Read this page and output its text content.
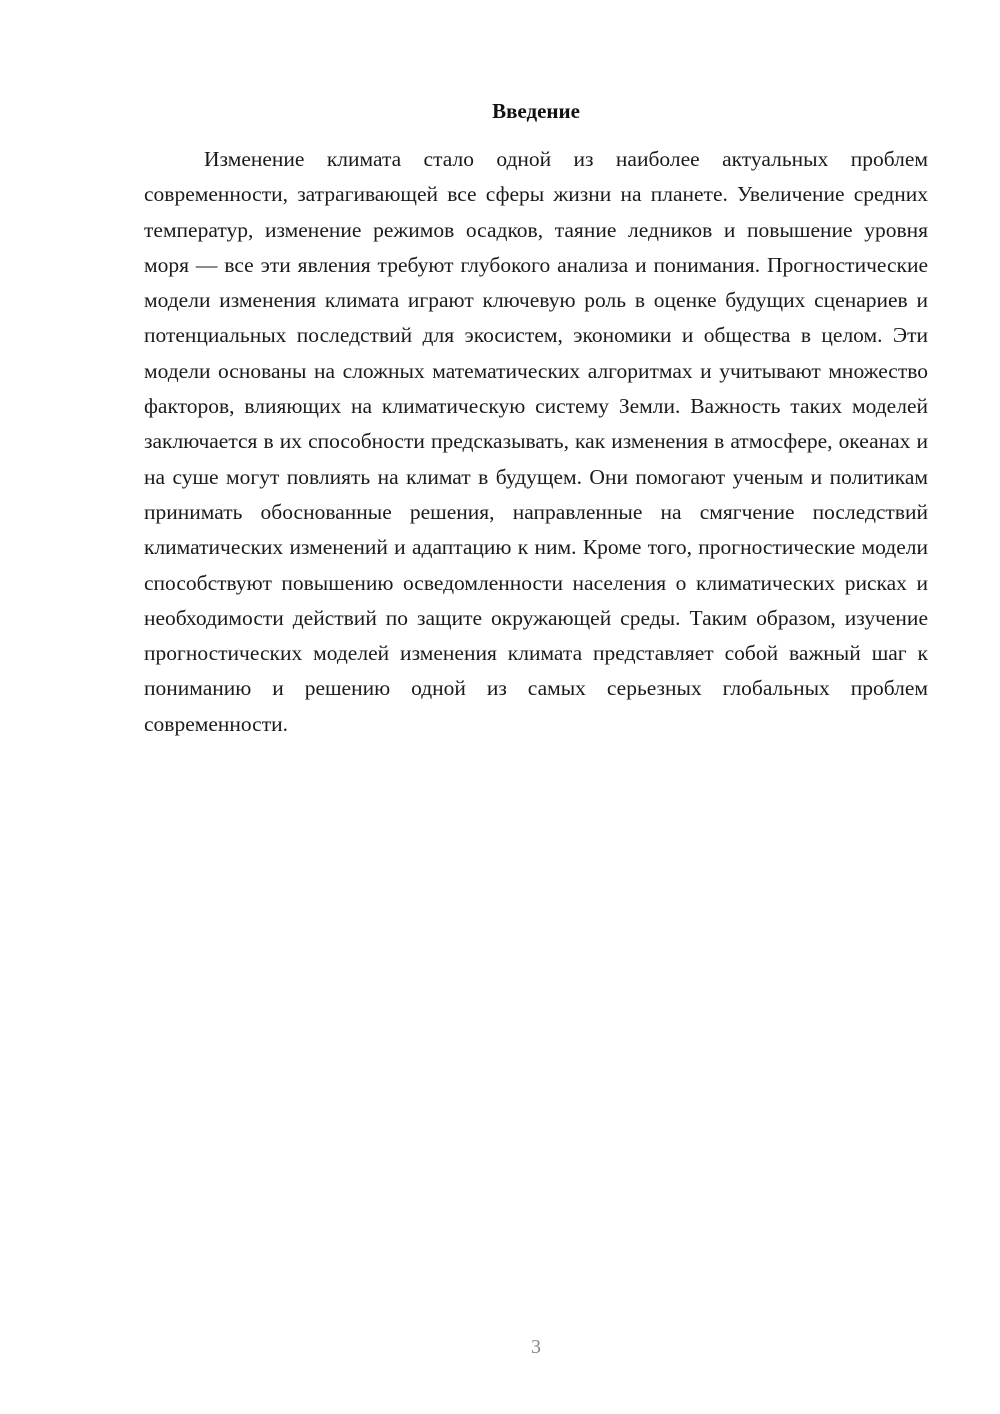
Введение

Изменение климата стало одной из наиболее актуальных проблем современности, затрагивающей все сферы жизни на планете. Увеличение средних температур, изменение режимов осадков, таяние ледников и повышение уровня моря — все эти явления требуют глубокого анализа и понимания. Прогностические модели изменения климата играют ключевую роль в оценке будущих сценариев и потенциальных последствий для экосистем, экономики и общества в целом. Эти модели основаны на сложных математических алгоритмах и учитывают множество факторов, влияющих на климатическую систему Земли. Важность таких моделей заключается в их способности предсказывать, как изменения в атмосфере, океанах и на суше могут повлиять на климат в будущем. Они помогают ученым и политикам принимать обоснованные решения, направленные на смягчение последствий климатических изменений и адаптацию к ним. Кроме того, прогностические модели способствуют повышению осведомленности населения о климатических рисках и необходимости действий по защите окружающей среды. Таким образом, изучение прогностических моделей изменения климата представляет собой важный шаг к пониманию и решению одной из самых серьезных глобальных проблем современности.

3
